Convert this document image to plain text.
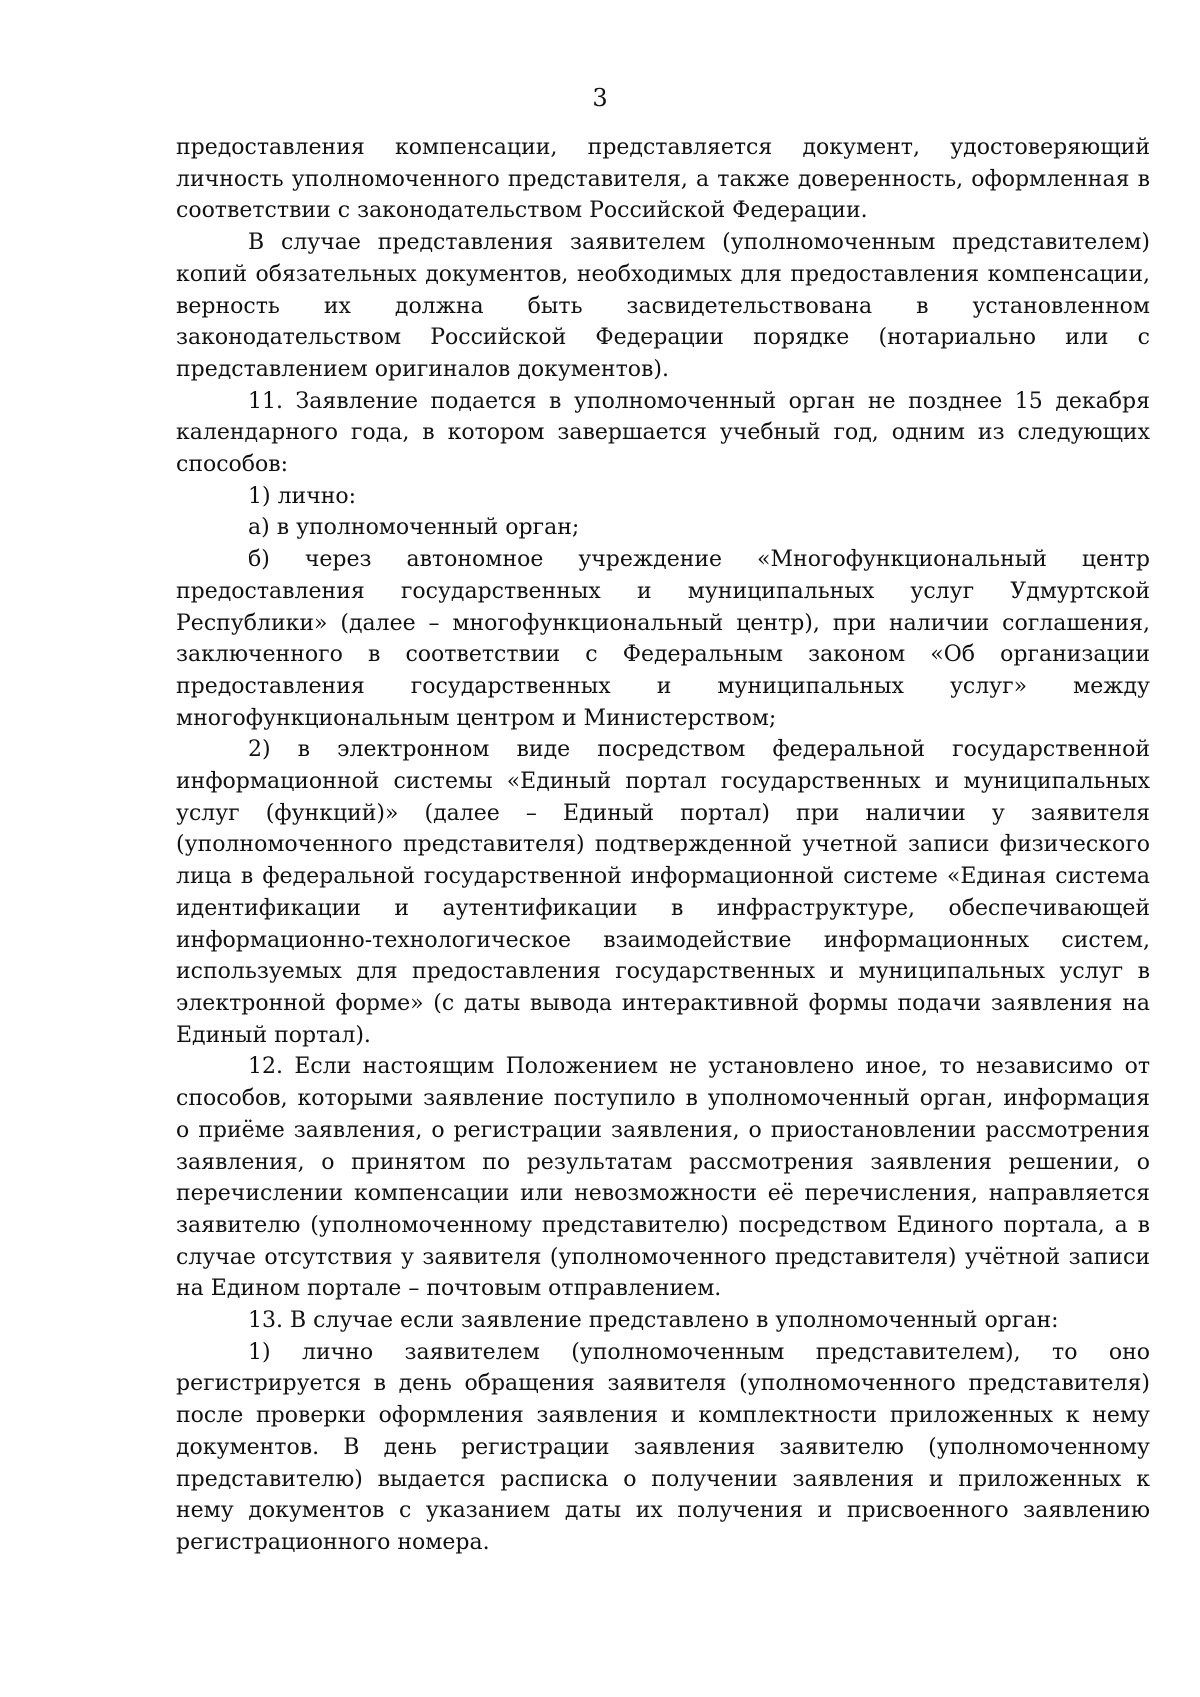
3

предоставления компенсации, представляется документ, удостоверяющий личность уполномоченного представителя, а также доверенность, оформленная в соответствии с законодательством Российской Федерации.

В случае представления заявителем (уполномоченным представителем) копий обязательных документов, необходимых для предоставления компенсации, верность их должна быть засвидетельствована в установленном законодательством Российской Федерации порядке (нотариально или с представлением оригиналов документов).

11. Заявление подается в уполномоченный орган не позднее 15 декабря календарного года, в котором завершается учебный год, одним из следующих способов:

1) лично:

а) в уполномоченный орган;

б) через автономное учреждение «Многофункциональный центр предоставления государственных и муниципальных услуг Удмуртской Республики» (далее – многофункциональный центр), при наличии соглашения, заключенного в соответствии с Федеральным законом «Об организации предоставления государственных и муниципальных услуг» между многофункциональным центром и Министерством;

2) в электронном виде посредством федеральной государственной информационной системы «Единый портал государственных и муниципальных услуг (функций)» (далее – Единый портал) при наличии у заявителя (уполномоченного представителя) подтвержденной учетной записи физического лица в федеральной государственной информационной системе «Единая система идентификации и аутентификации в инфраструктуре, обеспечивающей информационно-технологическое взаимодействие информационных систем, используемых для предоставления государственных и муниципальных услуг в электронной форме» (с даты вывода интерактивной формы подачи заявления на Единый портал).

12. Если настоящим Положением не установлено иное, то независимо от способов, которыми заявление поступило в уполномоченный орган, информация о приёме заявления, о регистрации заявления, о приостановлении рассмотрения заявления, о принятом по результатам рассмотрения заявления решении, о перечислении компенсации или невозможности её перечисления, направляется заявителю (уполномоченному представителю) посредством Единого портала, а в случае отсутствия у заявителя (уполномоченного представителя) учётной записи на Едином портале – почтовым отправлением.

13. В случае если заявление представлено в уполномоченный орган:

1) лично заявителем (уполномоченным представителем), то оно регистрируется в день обращения заявителя (уполномоченного представителя) после проверки оформления заявления и комплектности приложенных к нему документов. В день регистрации заявления заявителю (уполномоченному представителю) выдается расписка о получении заявления и приложенных к нему документов с указанием даты их получения и присвоенного заявлению регистрационного номера.
